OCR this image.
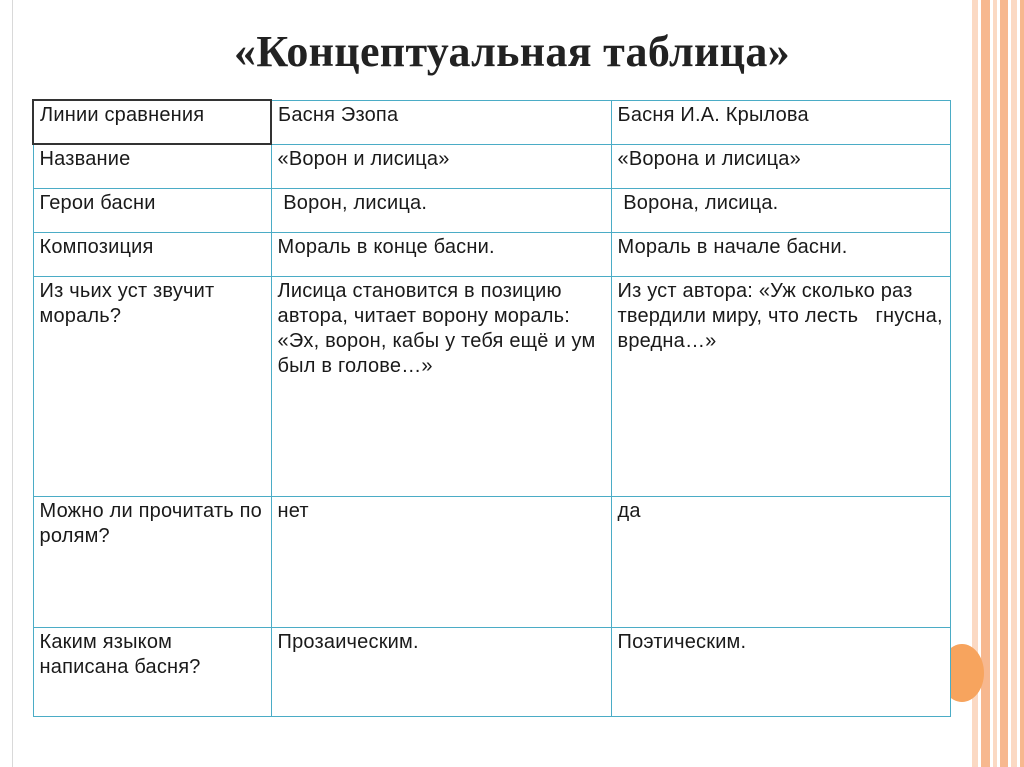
«Концептуальная таблица»
Линии сравнения	Басня Эзопа	Басня И.А. Крылова
Название	«Ворон и лисица»	«Ворона и лисица»
Герои басни	Ворон, лисица.	Ворона, лисица.
Композиция	Мораль в конце басни.	Мораль в начале басни.
Из чьих уст звучит мораль?	Лисица становится в позицию автора, читает ворону мораль: «Эх, ворон, кабы у тебя ещё и ум был в голове…»	Из уст автора: «Уж сколько раз твердили миру, что лесть   гнусна, вредна…»
Можно ли прочитать по ролям?	нет	да
Каким языком написана басня?	Прозаическим.	Поэтическим.
